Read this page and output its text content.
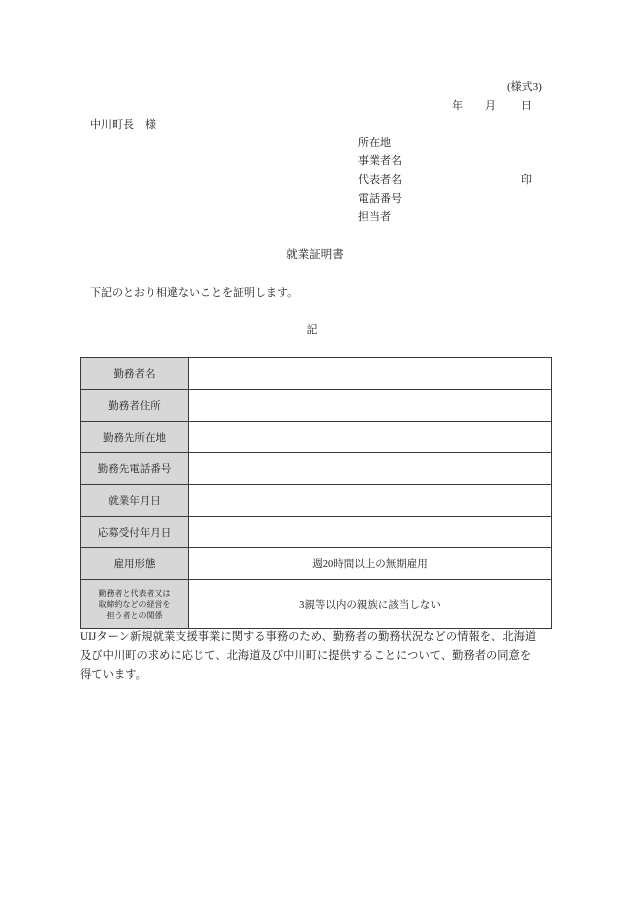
(様式3)
年 月 日
中川町長　様
所在地
事業者名
代表者名	印
電話番号
担当者
就業証明書
下記のとおり相違ないことを証明します。
記
勤務者名	
勤務者住所	
勤務先所在地	
勤務先電話番号	
就業年月日	
応募受付年月日	
雇用形態	週20時間以上の無期雇用

勤務者と代表者又は
取締約などの経営を
担う者との関係	3親等以内の親族に該当しない
UIJターン新規就業支援事業に関する事務のため、勤務者の勤務状況などの情報を、北海道
及び中川町の求めに応じて、北海道及び中川町に提供することについて、勤務者の同意を
得ています。
